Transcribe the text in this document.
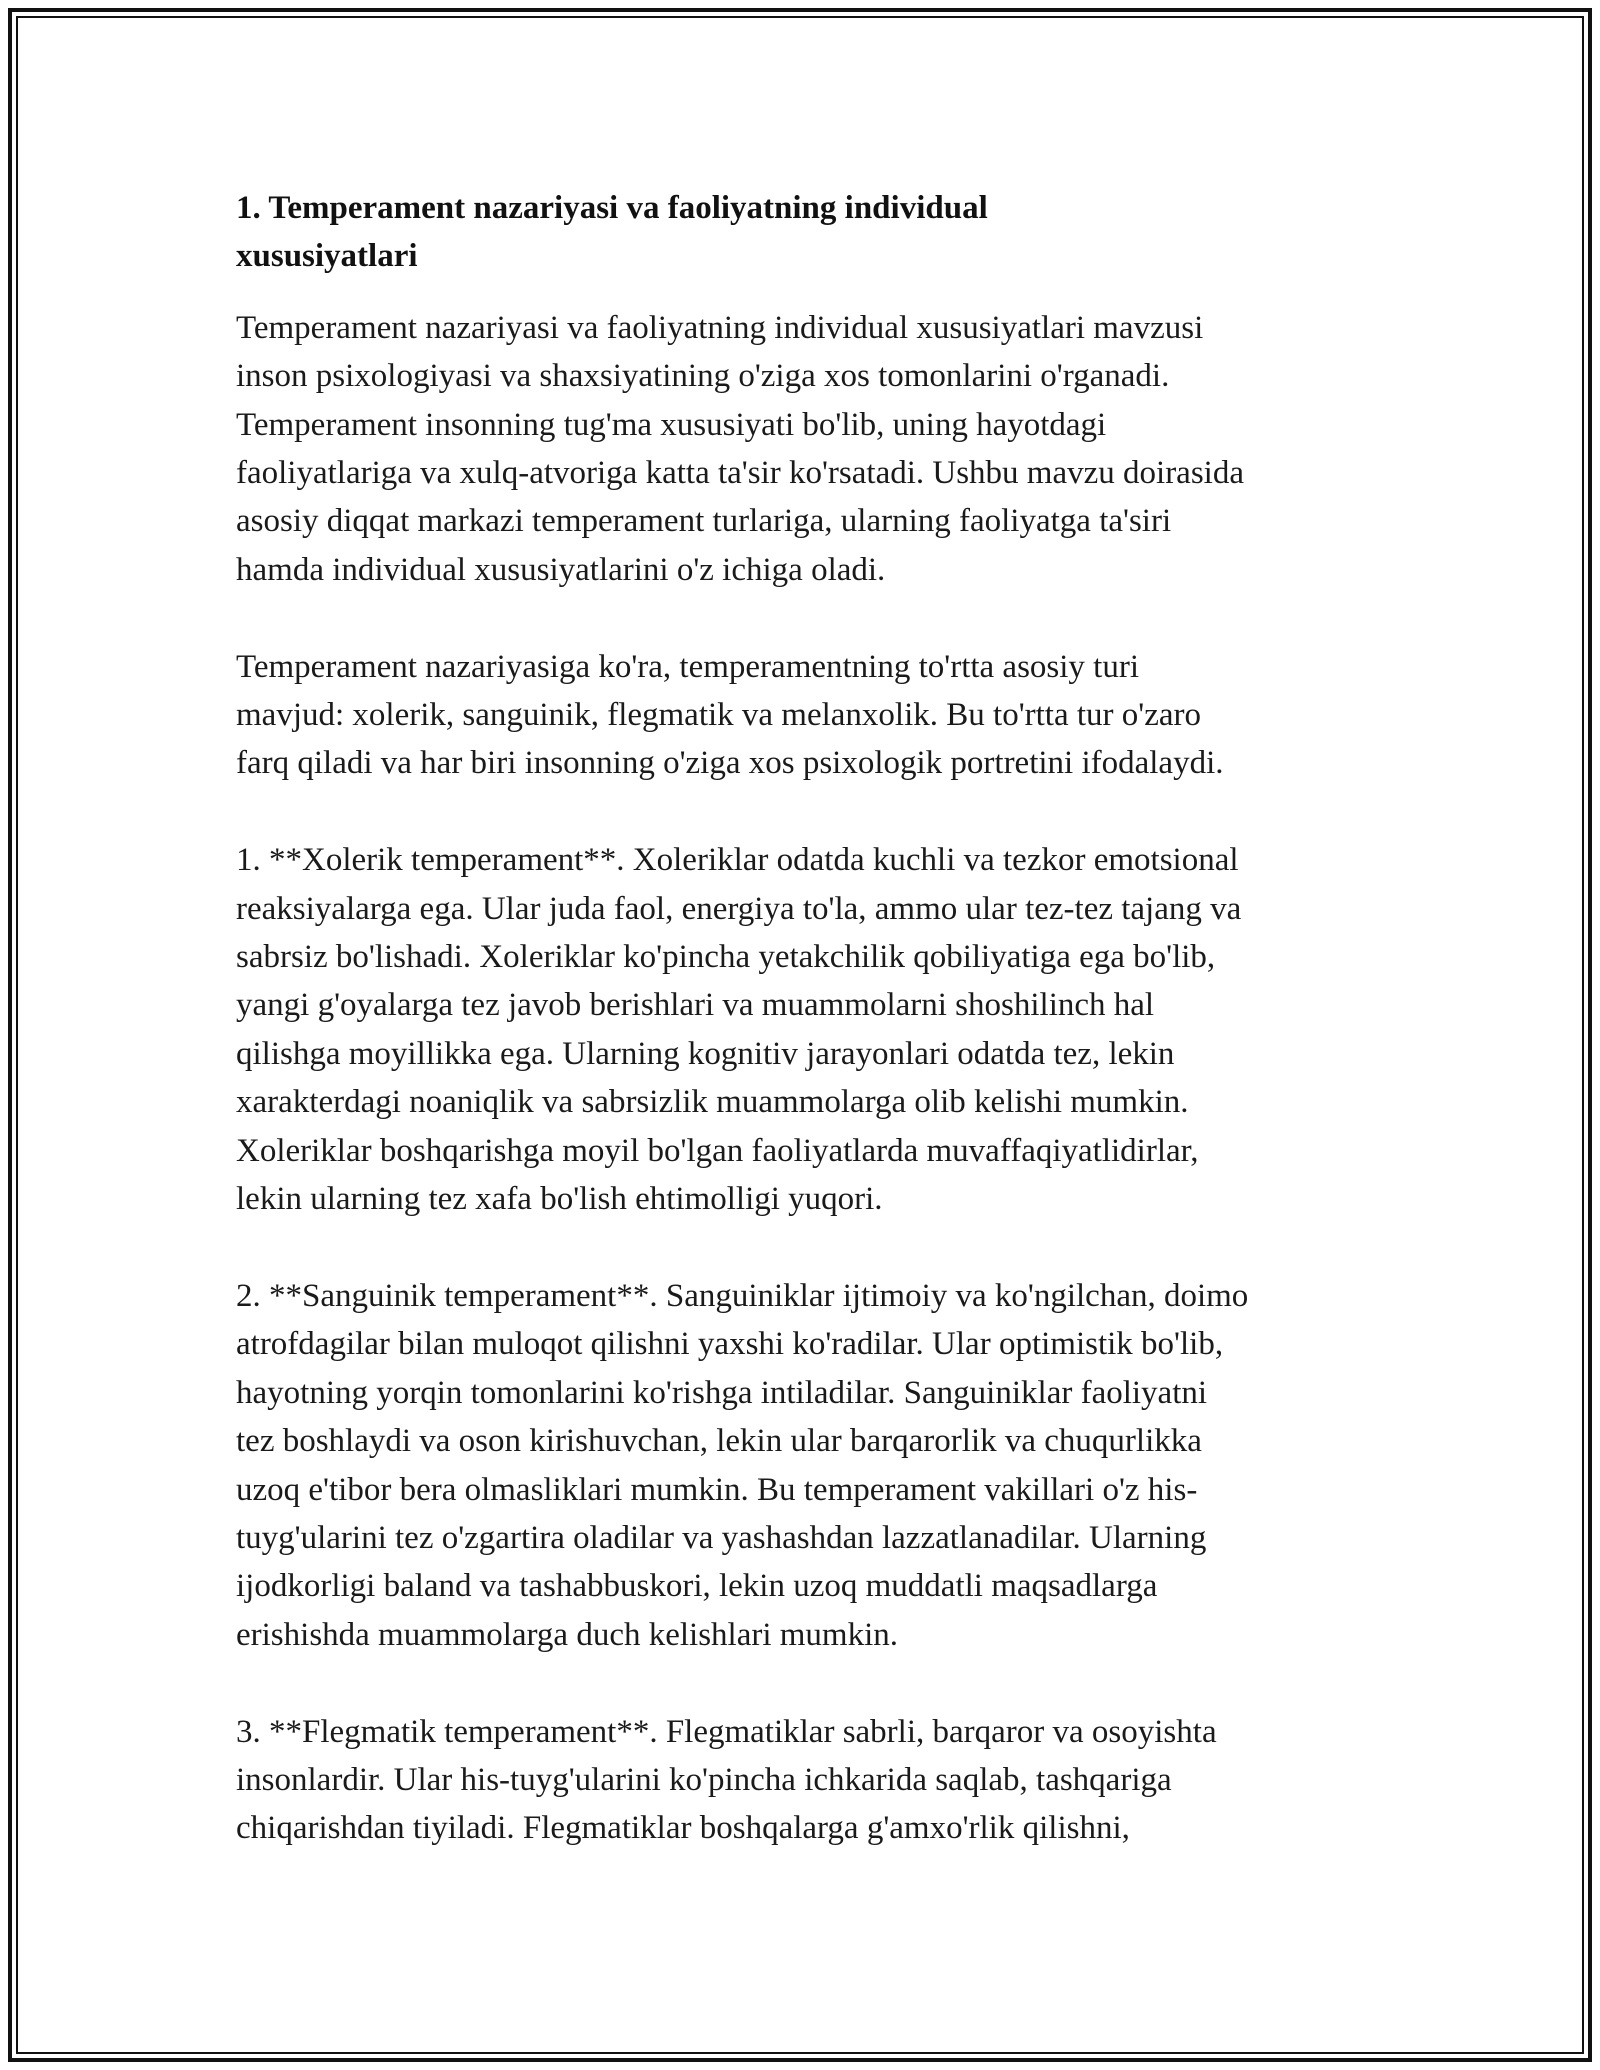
1. Temperament nazariyasi va faoliyatning individual
xususiyatlari

Temperament nazariyasi va faoliyatning individual xususiyatlari mavzusi
inson psixologiyasi va shaxsiyatining o'ziga xos tomonlarini o'rganadi.
Temperament insonning tug'ma xususiyati bo'lib, uning hayotdagi
faoliyatlariga va xulq-atvoriga katta ta'sir ko'rsatadi. Ushbu mavzu doirasida
asosiy diqqat markazi temperament turlariga, ularning faoliyatga ta'siri
hamda individual xususiyatlarini o'z ichiga oladi.

Temperament nazariyasiga ko'ra, temperamentning to'rtta asosiy turi
mavjud: xolerik, sanguinik, flegmatik va melanxolik. Bu to'rtta tur o'zaro
farq qiladi va har biri insonning o'ziga xos psixologik portretini ifodalaydi.

1. **Xolerik temperament**. Xoleriklar odatda kuchli va tezkor emotsional
reaksiyalarga ega. Ular juda faol, energiya to'la, ammo ular tez-tez tajang va
sabrsiz bo'lishadi. Xoleriklar ko'pincha yetakchilik qobiliyatiga ega bo'lib,
yangi g'oyalarga tez javob berishlari va muammolarni shoshilinch hal
qilishga moyillikka ega. Ularning kognitiv jarayonlari odatda tez, lekin
xarakterdagi noaniqlik va sabrsizlik muammolarga olib kelishi mumkin.
Xoleriklar boshqarishga moyil bo'lgan faoliyatlarda muvaffaqiyatlidirlar,
lekin ularning tez xafa bo'lish ehtimolligi yuqori.

2. **Sanguinik temperament**. Sanguiniklar ijtimoiy va ko'ngilchan, doimo
atrofdagilar bilan muloqot qilishni yaxshi ko'radilar. Ular optimistik bo'lib,
hayotning yorqin tomonlarini ko'rishga intiladilar. Sanguiniklar faoliyatni
tez boshlaydi va oson kirishuvchan, lekin ular barqarorlik va chuqurlikka
uzoq e'tibor bera olmasliklari mumkin. Bu temperament vakillari o'z his-
tuyg'ularini tez o'zgartira oladilar va yashashdan lazzatlanadilar. Ularning
ijodkorligi baland va tashabbuskori, lekin uzoq muddatli maqsadlarga
erishishda muammolarga duch kelishlari mumkin.

3. **Flegmatik temperament**. Flegmatiklar sabrli, barqaror va osoyishta
insonlardir. Ular his-tuyg'ularini ko'pincha ichkarida saqlab, tashqariga
chiqarishdan tiyiladi. Flegmatiklar boshqalarga g'amxo'rlik qilishni,
